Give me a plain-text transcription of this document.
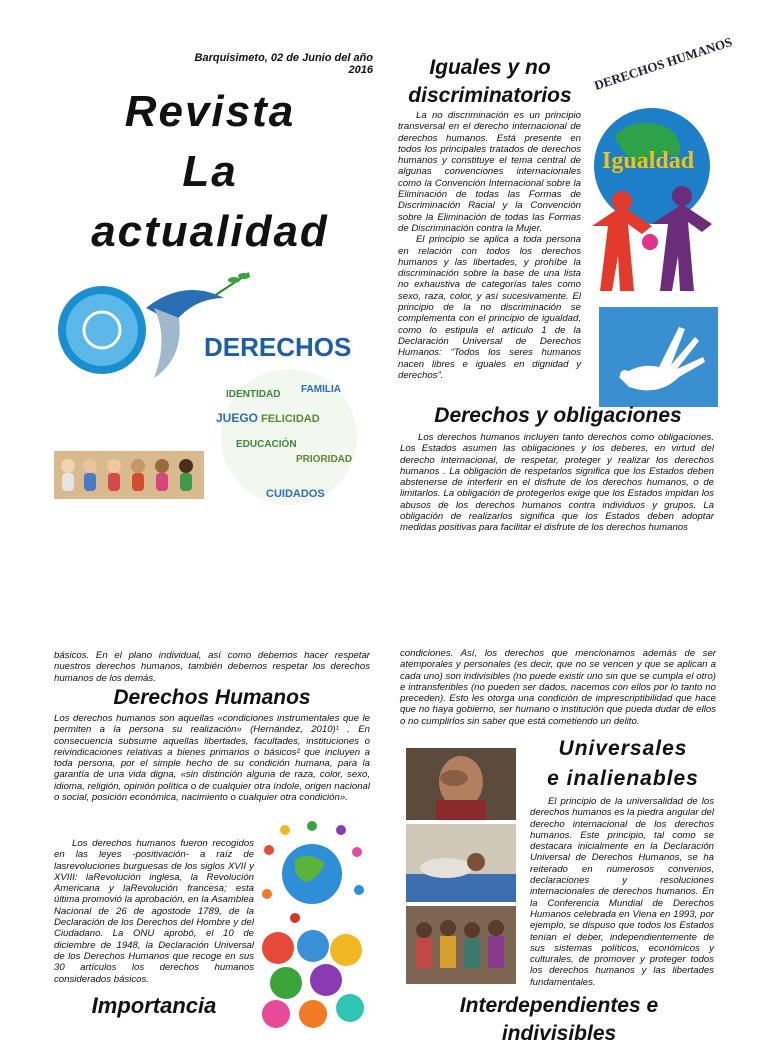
Barquisimeto, 02 de Junio del año 2016
Revista
La
actualidad
DERECHOS
IDENTIDAD FAMILIA
JUEGO FELICIDAD
EDUCACIÓN
CUIDADOS
PRIORIDAD
Iguales y no
discriminatorios

La no discriminación es un principio transversal en el derecho internacional de derechos humanos. Está presente en todos los principales tratados de derechos humanos y constituye el tema central de algunas convenciones internacionales como la Convención Internacional sobre la Eliminación de todas las Formas de Discriminación Racial y la Convención sobre la Eliminación de todas las Formas de Discriminación contra la Mujer.

El principio se aplica a toda persona en relación con todos los derechos humanos y las libertades, y prohíbe la discriminación sobre la base de una lista no exhaustiva de categorías tales como sexo, raza, color, y así sucesivamente. El principio de la no discriminación se complementa con el principio de igualdad, como lo estipula el artículo 1 de la Declaración Universal de Derechos Humanos: “Todos los seres humanos nacen libres e iguales en dignidad y derechos”.

DERECHOS HUMANOS
Igualdad
Derechos y obligaciones

Los derechos humanos incluyen tanto derechos como obligaciones. Los Estados asumen las obligaciones y los deberes, en virtud del derecho internacional, de respetar, proteger y realizar los derechos humanos . La obligación de respetarlos significa que los Estados deben abstenerse de interferir en el disfrute de los derechos humanos, o de limitarlos. La obligación de protegerlos exige que los Estados impidan los abusos de los derechos humanos contra individuos y grupos. La obligación de realizarlos significa que los Estados deben adoptar medidas positivas para facilitar el disfrute de los derechos humanos

básicos. En el plano individual, así como debemos hacer respetar nuestros derechos humanos, también debemos respetar los derechos humanos de los demás.
Derechos Humanos

Los derechos humanos son aquellas «condiciones instrumentales que le permiten a la persona su realización» (Hernández, 2010)¹ . En consecuencia subsume aquellas libertades, facultades, instituciones o reivindicaciones relativas a bienes primarios o básicos² que incluyen a toda persona, por el simple hecho de su condición humana, para la garantía de una vida digna, «sin distinción alguna de raza, color, sexo, idioma, religión, opinión política o de cualquier otra índole, origen nacional o social, posición económica, nacimiento o cualquier otra condición».

Los derechos humanos fueron recogidos en las leyes -positivación- a raíz de lasrevoluciones burguesas de los siglos XVII y XVIII: laRevolución inglesa, la Revolución Americana y laRevolución francesa; esta última promovió la aprobación, en la Asamblea Nacional de 26 de agostode 1789, de la Declaración de los Derechos del Hombre y del Ciudadano. La ONU aprobó, el 10 de diciembre de 1948, la Declaración Universal de los Derechos Humanos que recoge en sus 30 artículos los derechos humanos considerados básicos.

Importancia
condiciones. Así, los derechos que mencionamos además de ser atemporales y personales (es decir, que no se vencen y que se aplican a cada uno) son indivisibles (no puede existir uno sin que se cumpla el otro) e intransferibles (no pueden ser dados, nacemos con ellos por lo tanto no preceden). Esto les otorga una condición de imprescriptibilidad que hace que no haya gobierno, ser humano o institución que pueda dudar de ellos o no cumplirlos sin saber que está cometiendo un delito.
Universales
e inalienables

El principio de la universalidad de los derechos humanos es la piedra angular del derecho internacional de los derechos humanos. Este principio, tal como se destacara inicialmente en la Declaración Universal de Derechos Humanos, se ha reiterado en numerosos convenios, declaraciones y resoluciones internacionales de derechos humanos. En la Conferencia Mundial de Derechos Humanos celebrada en Viena en 1993, por ejemplo, se dispuso que todos los Estados tenían el deber, independientemente de sus sistemas políticos, económicos y culturales, de promover y proteger todos los derechos humanos y las libertades fundamentales.

Interdependientes e indivisibles
